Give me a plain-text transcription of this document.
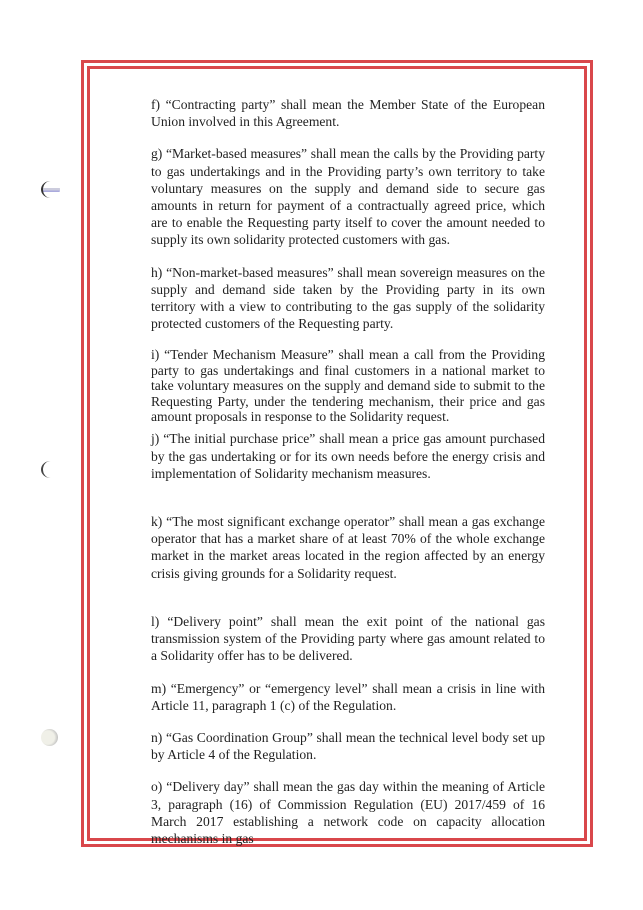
f) “Contracting party” shall mean the Member State of the European Union involved in this Agreement.

g) “Market-based measures” shall mean the calls by the Providing party to gas undertakings and in the Providing party’s own territory to take voluntary measures on the supply and demand side to secure gas amounts in return for payment of a contractually agreed price, which are to enable the Requesting party itself to cover the amount needed to supply its own solidarity protected customers with gas.

h) “Non-market-based measures” shall mean sovereign measures on the supply and demand side taken by the Providing party in its own territory with a view to contributing to the gas supply of the solidarity protected customers of the Requesting party.

i) “Tender Mechanism Measure” shall mean a call from the Providing party to gas undertakings and final customers in a national market to take voluntary measures on the supply and demand side to submit to the Requesting Party, under the tendering mechanism, their price and gas amount proposals in response to the Solidarity request.

j) “The initial purchase price” shall mean a price gas amount purchased by the gas undertaking or for its own needs before the energy crisis and implementation of Solidarity mechanism measures.

k) “The most significant exchange operator” shall mean a gas exchange operator that has a market share of at least 70% of the whole exchange market in the market areas located in the region affected by an energy crisis giving grounds for a Solidarity request.

l) “Delivery point” shall mean the exit point of the national gas transmission system of the Providing party where gas amount related to a Solidarity offer has to be delivered.

m) “Emergency” or “emergency level” shall mean a crisis in line with Article 11, paragraph 1 (c) of the Regulation.

n) “Gas Coordination Group” shall mean the technical level body set up by Article 4 of the Regulation.

o) “Delivery day” shall mean the gas day within the meaning of Article 3, paragraph (16) of Commission Regulation (EU) 2017/459 of 16 March 2017 establishing a network code on capacity allocation mechanisms in gas
